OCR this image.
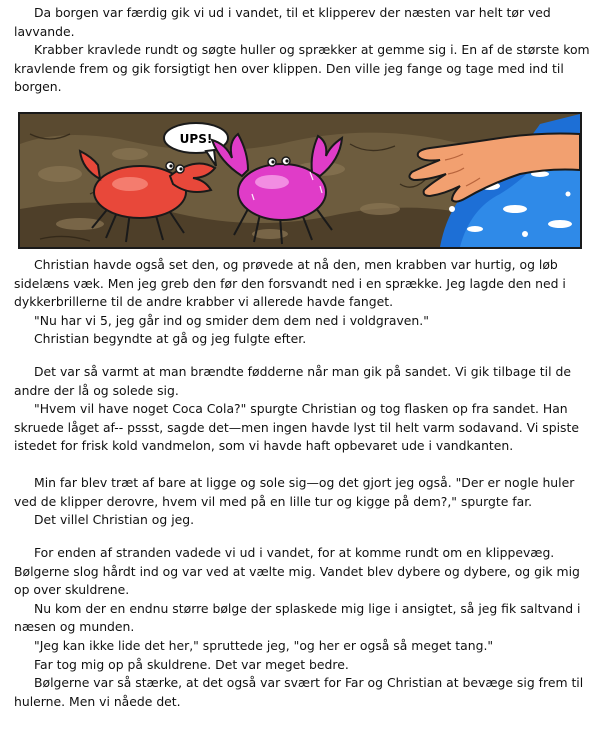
Da borgen var færdig gik vi ud i vandet, til et klipperev der næsten var helt tør ved lavvande.

Krabber kravlede rundt og søgte huller og sprækker at gemme sig i. En af de største kom kravlende frem og gik forsigtigt hen over klippen. Den ville jeg fange og tage med ind til borgen.

UPS!

Christian havde også set den, og prøvede at nå den, men krabben var hurtig, og løb sidelæns væk. Men jeg greb den før den forsvandt ned i en sprække. Jeg lagde den ned i dykkerbrillerne til de andre krabber vi allerede havde fanget.

"Nu har vi 5, jeg går ind og smider dem dem ned i voldgraven."

Christian begyndte at gå og jeg fulgte efter.

Det var så varmt at man brændte fødderne når man gik på sandet. Vi gik tilbage til de andre der lå og solede sig.

"Hvem vil have noget Coca Cola?" spurgte Christian og tog flasken op fra sandet. Han skruede låget af-- pssst, sagde det—men ingen havde lyst til helt varm sodavand. Vi spiste istedet for frisk kold vandmelon, som vi havde haft opbevaret ude i vandkanten.

Min far blev træt af bare at ligge og sole sig—og det gjort jeg også. "Der er nogle huler ved de klipper derovre, hvem vil med på en lille tur og kigge på dem?," spurgte far.

Det villel Christian og jeg.

For enden af stranden vadede vi ud i vandet, for at komme rundt om en klippevæg. Bølgerne slog hårdt ind og var ved at vælte mig. Vandet blev dybere og dybere, og gik mig op over skuldrene.

Nu kom der en endnu større bølge der splaskede mig lige i ansigtet, så jeg fik saltvand i næsen og munden.

"Jeg kan ikke lide det her," spruttede jeg, "og her er også så meget tang."

Far tog mig op på skuldrene. Det var meget bedre.

Bølgerne var så stærke, at det også var svært for Far og Christian at bevæge sig frem til hulerne. Men vi nåede det.
